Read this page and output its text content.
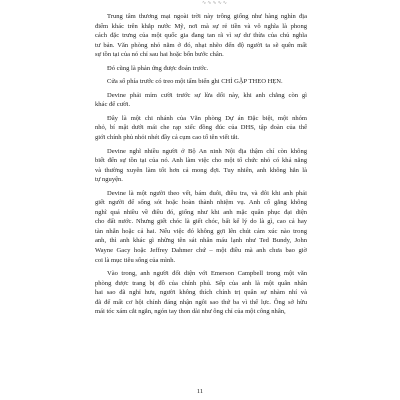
∿∿∿∿∿
Trung tâm thương mại ngoài trời này trông giống như hàng nghìn địa
điểm khác trên khắp nước Mỹ, nơi mà sự rẻ tiền và vô nghĩa là phong
cách đặc trưng của một quốc gia đang tan rã vì sự dư thừa của chủ nghĩa
tư bản. Văn phòng nhỏ nằm ở đó, nhạt nhẽo đến độ người ta sẽ quên mất
sự tồn tại của nó chỉ sau hai hoặc bốn bước chân.
Đó cũng là phản ứng được đoán trước.
Cửa sổ phía trước có treo một tấm biển ghi CHỈ GẶP THEO HẸN.
Devine phải mỉm cười trước sự lừa dối này, khi anh chẳng còn gì
khác để cười.
Đây là một chi nhánh của Văn phòng Dự án Đặc biệt, một nhóm
nhỏ, bí mật dưới mái che rạp xiếc đồng đúc của DHS, tập đoàn của thế
giới chính phủ nhỏi nhét đầy cả cụm cao tố tên viết tắt.
Devine nghĩ nhiều người ở Bộ An ninh Nội địa thậm chí còn không
biết đến sự tồn tại của nó. Anh làm việc cho một tổ chức nhỏ có khả năng
và thường xuyên làm tốt hơn cả mong đợi. Tuy nhiên, anh không hẳn là
tự nguyện.
Devine là một người theo vết, bám đuôi, điều tra, và đôi khi anh phải
giết người để sống sót hoặc hoàn thành nhiệm vụ. Anh cố gắng không
nghĩ quá nhiều về điều đó, giống như khi anh mặc quân phục đại diện
cho đất nước. Nhưng giết chóc là giết chóc, bất kể lý do là gì, cao cả hay
tàn nhẫn hoặc cả hai. Nếu việc đó không gợi lên chút cảm xúc nào trong
anh, thì anh khác gì những tên sát nhân máu lạnh như Ted Bundy, John
Wayne Gacy hoặc Jeffrey Dahmer chứ – một điều mà anh chưa bao giờ
coi là mục tiêu sống của mình.
Vào trong, anh người đối diện với Emerson Campbell trong một văn
phòng được trang bị đồ của chính phủ. Sếp của anh là một quân nhân
hai sao đã nghỉ hưu, người không thích chính trị quân sự nhàm nhí và
đã để mất cơ hội chính đáng nhận ngôi sao thứ ba vì thế lực. Ông sở hữu
mái tóc xám cắt ngắn, ngón tay thon dài như ông chỉ của một công nhân,
11
